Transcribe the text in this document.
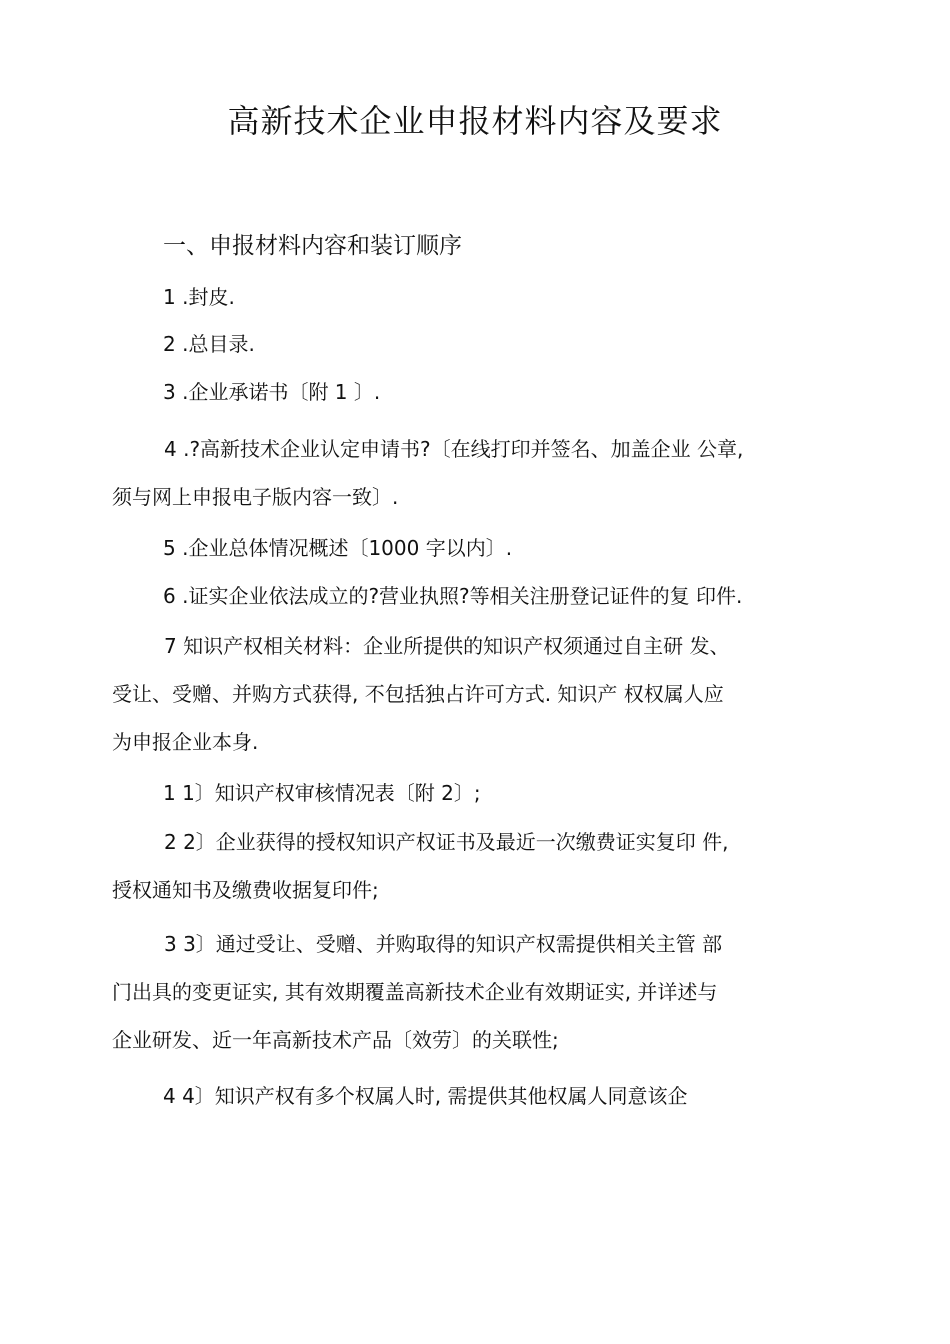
高新技术企业申报材料内容及要求
一、申报材料内容和装订顺序
1 .封皮.
2 .总目录.
3 .企业承诺书〔附 1 〕.
4 .?高新技术企业认定申请书?〔在线打印并签名、加盖企业 公章,
须与网上申报电子版内容一致〕.
5 .企业总体情况概述〔1000 字以内〕.
6 .证实企业依法成立的?营业执照?等相关注册登记证件的复 印件.
7 知识产权相关材料：企业所提供的知识产权须通过自主研 发、
受让、受赠、并购方式获得, 不包括独占许可方式. 知识产 权权属人应
为申报企业本身.
1 1〕知识产权审核情况表〔附 2〕;
2 2〕企业获得的授权知识产权证书及最近一次缴费证实复印 件,
授权通知书及缴费收据复印件;
3 3〕通过受让、受赠、并购取得的知识产权需提供相关主管 部
门出具的变更证实, 其有效期覆盖高新技术企业有效期证实, 并详述与
企业研发、近一年高新技术产品〔效劳〕的关联性;
4 4〕知识产权有多个权属人时, 需提供其他权属人同意该企
